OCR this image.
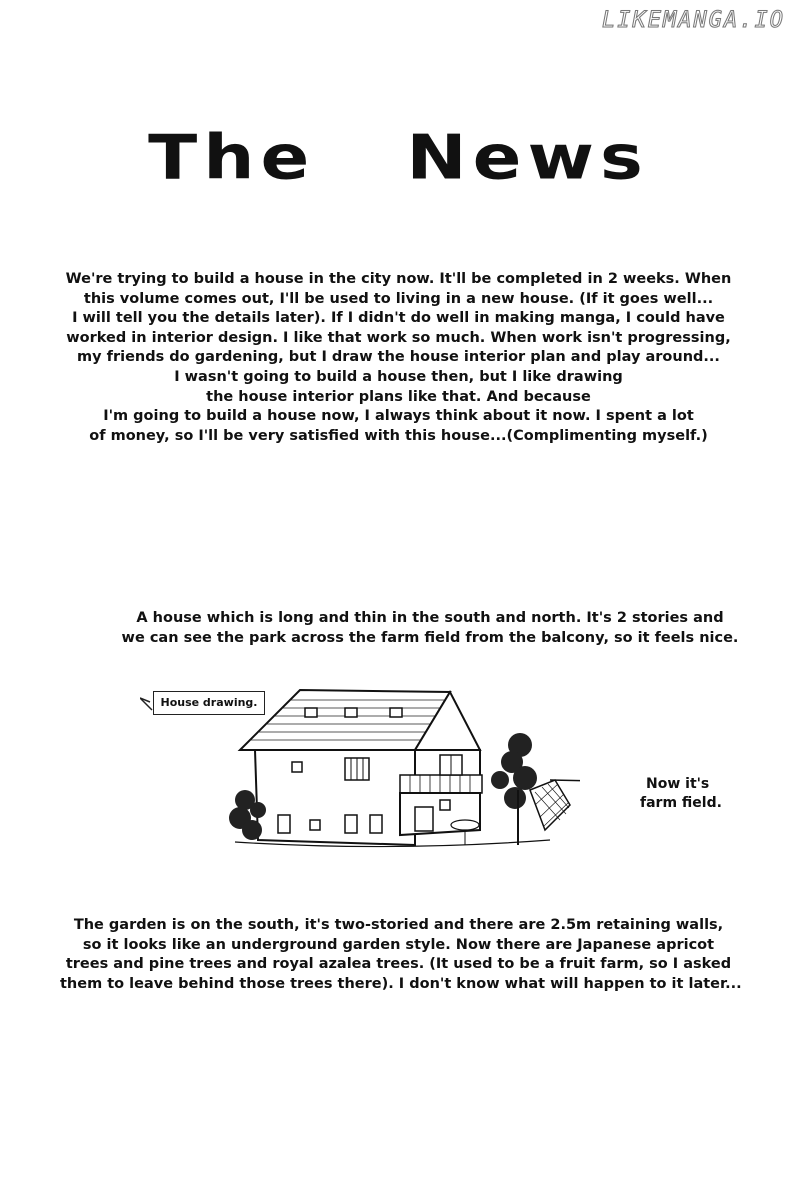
LIKEMANGA.IO
The News
We're trying to build a house in the city now. It'll be completed in 2 weeks. When
this volume comes out, I'll be used to living in a new house. (If it goes well...
I will tell you the details later). If I didn't do well in making manga, I could have
worked in interior design. I like that work so much. When work isn't progressing,
my friends do gardening, but I draw the house interior plan and play around...
I wasn't going to build a house then, but I like drawing
the house interior plans like that. And because
I'm going to build a house now, I always think about it now. I spent a lot
of money, so I'll be very satisfied with this house...(Complimenting myself.)
A house which is long and thin in the south and north. It's 2 stories and
we can see the park across the farm field from the balcony, so it feels nice.
House drawing.
Now it's
farm field.
The garden is on the south, it's two-storied and there are 2.5m retaining walls,
so it looks like an underground garden style. Now there are Japanese apricot
trees and pine trees and royal azalea trees. (It used to be a fruit farm, so I asked
them to leave behind those trees there). I don't know what will happen to it later...
